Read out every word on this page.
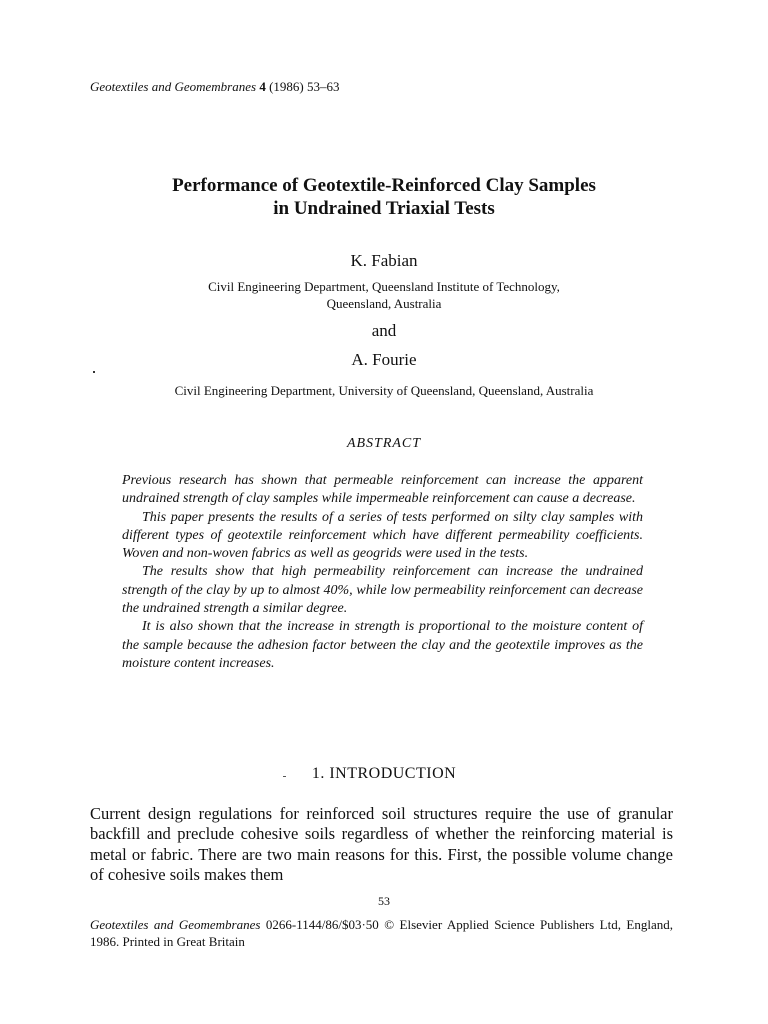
Geotextiles and Geomembranes 4 (1986) 53–63
Performance of Geotextile-Reinforced Clay Samples
in Undrained Triaxial Tests
K. Fabian
Civil Engineering Department, Queensland Institute of Technology,
Queensland, Australia
and
A. Fourie
Civil Engineering Department, University of Queensland, Queensland, Australia
ABSTRACT

Previous research has shown that permeable reinforcement can increase the apparent undrained strength of clay samples while impermeable reinforcement can cause a decrease.

This paper presents the results of a series of tests performed on silty clay samples with different types of geotextile reinforcement which have different permeability coefficients. Woven and non-woven fabrics as well as geogrids were used in the tests.

The results show that high permeability reinforcement can increase the undrained strength of the clay by up to almost 40%, while low permeability reinforcement can decrease the undrained strength a similar degree.

It is also shown that the increase in strength is proportional to the moisture content of the sample because the adhesion factor between the clay and the geotextile improves as the moisture content increases.

1. INTRODUCTION

Current design regulations for reinforced soil structures require the use of granular backfill and preclude cohesive soils regardless of whether the reinforcing material is metal or fabric. There are two main reasons for this. First, the possible volume change of cohesive soils makes them

53
Geotextiles and Geomembranes 0266-1144/86/$03·50 © Elsevier Applied Science Publishers Ltd, England, 1986. Printed in Great Britain
